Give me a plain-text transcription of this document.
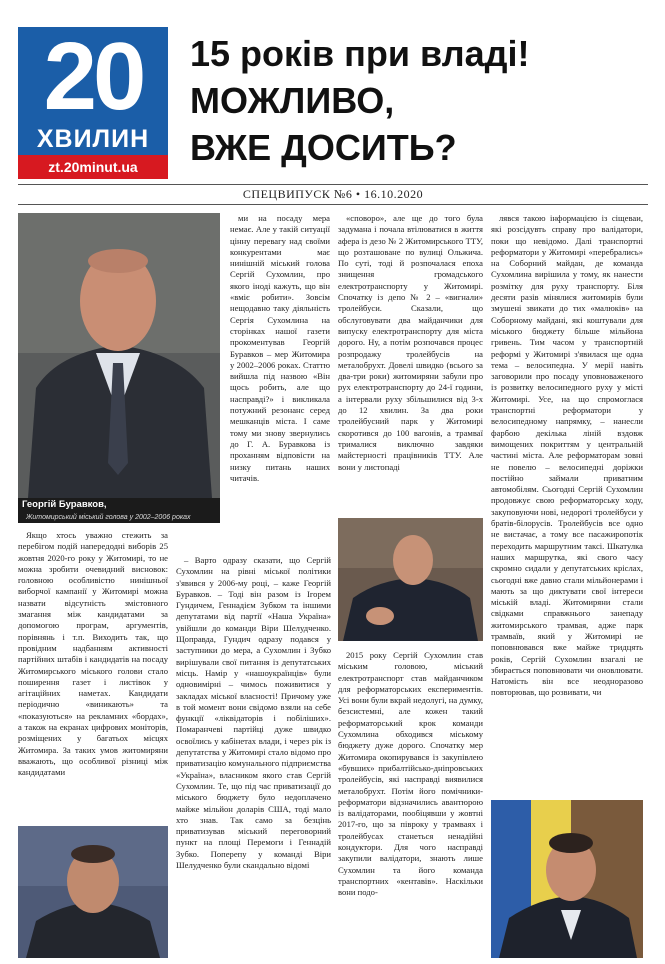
20
ХВИЛИН
zt.20minut.ua
15 років при владі!
МОЖЛИВО,
ВЖЕ ДОСИТЬ?
СПЕЦВИПУСК №6 • 16.10.2020
Георгій Буравков,
Житомирський міський голова у 2002–2006 роках

ми на посаду мера немає. Але у такій ситуації цінну перевагу над своїми конкурентами має нинішній міський голова Сергій Сухомлин, про якого іноді кажуть, що він «вміє робити». Зовсім нещодавно таку діяльність Сергія Сухомлина на сторінках нашої газети прокоментував Георгій Буравков – мер Житомира у 2002–2006 роках. Статтю вийшла під назвою «Він щось робить, але що насправді?» і викликала потужний резонанс серед мешканців міста. І саме тому ми знову звернулись до Г. А. Буравкова із проханням відповісти на низку питань наших читачів.

«споворо», але ще до того була задумана і почала втілюватися в життя афера із дезо № 2 Житомирського ТТУ, що розташоване по вулиці Ольжича. По суті, тоді й розпочалася епоха знищення громадського електротранспорту у Житомирі. Спочатку із депо № 2 – «вигнали» тролейбуси. Сказали, що обслуговувати два майданчики для випуску електротранспорту для міста дорого. Ну, а потім розпочався процес розпродажу тролейбусів на металобрухт. Довелі швидко (всього за два-три роки) житомиряни забули про рух електротранспорту до 24-ї години, а інтервали руху збільшилися від 3-х до 12 хвилин. За два роки тролейбусний парк у Житомирі скоротився до 100 вагонів, а трамваї трималися виключно завдяки майстерності працівників ТТУ. Але вони у листопаді

лявся такою інформацією із сіщеваи, які розсідувть справу про валідатори, поки що невідомо. Далі транспортні реформатори у Житомирі «перебрались» на Соборний майдан, де команда Сухомлина вирішила у тому, як нанести розмітку для руху транспорту. Біля десяти разів мінялися житомирів були змушені звикати до тих «малюків» на Соборному майдані, які коштували для міського бюджету більше мільйона гривень. Тим часом у транспортній реформі у Житомирі з'явилася ще одна тема – велосипедна. У мерії навіть заговорили про посаду уповноваженого із розвитку велосипедного руху у місті Житомирі. Усе, на що спромоглася транспортні реформатори у велосипедному напрямку, – нанесли фарбою декілька ліній вздовж вимощених покриттям у центральній частині міста. Але реформаторам зовні не повелю – велосипедні доріжки постійно займали приватним автомобілям. Сьогодні Сергій Сухомлин продовжує свою реформаторську ходу, закуповуючи нові, недорогі тролейбуси у братів-білорусів. Тролейбусів все одно не вистачає, а тому все пасажиропотік переходить маршрутним таксі. Шкатулка наших маршрутка, які свого часу скромно сидали у депутатських кріслах, сьогодні вже давно стали мільйонерами і мають за що диктувати свої інтереси міській владі. Житомиряни стали свідками справжнього занепаду житомирського трамвая, адже парк трамваїв, який у Житомирі не поповнювався вже майже тридцять років, Сергій Сухомлин взагалі не збирається поповнювати чи оновлювати. Натомість він все неодноразово повторював, що розвивати, чи

Якщо хтось уважно стежить за перебігом подій напередодні виборів 25 жовтня 2020-го року у Житомирі, то не можна зробити очевидний висновок: головною особливістю нинішньої виборчої кампанії у Житомирі можна назвати відсутність змістовного змагання між кандидатами за допомогою програм, аргументів, порівнянь і т.п. Виходить так, що провідним надбанням активності партійних штабів і кандидатів на посаду Житомирського міського голови стало поширення газет і листівок у агітаційних наметах. Кандидати періодично «виникають» та «показуються» на рекламних «бордах», а також на екранах цифрових моніторів, розміщених у багатьох місцях Житомира. За таких умов житомиряни вважають, що особливої різниці між кандидатами

– Варто одразу сказати, що Сергій Сухомлин на рівні міської політики з'явився у 2006-му році, – каже Георгій Буравков. – Тоді він разом із Ігорем Гундичем, Геннадієм Зубком та іншими депутатами від партії «Наша Україна» увійшли до команди Віри Шелудченко. Щоправда, Гундич одразу подався у заступники до мера, а Сухомлин і Зубко вирішували свої питання із депутатських місць. Намір у «нашоукраїнців» були одновимірні – чимось поживитися у закладах міської власності! Причому уже в той момент вони свідомо взяли на себе функції «ліквідаторів і побіліших». Помаранчеві партійці дуже швидко освоїлись у кабінетах влади, і через рік із депутатства у Житомирі стало відомо про приватизацію комунального підприємства «Україна», власником якого став Сергій Сухомлин. Те, що під час приватизації до міського бюджету було недоплачено майже мільйон доларів США, тоді мало хто знав. Так само за безцінь приватизував міський переговорний пункт на площі Перемоги і Геннадій Зубко. Поперепу у команді Віри Шелудченко були скандально відомі

2015 року Сергій Сухомлин став міським головою, міський електротранспорт став майданчиком для реформаторських експериментів. Усі вони були вкрай недолугі, на думку, безсистемні, але кожен такий реформаторський крок команди Сухомлина обходився міському бюджету дуже дорого. Спочатку мер Житомира окопирувався із закупівлею «бувших» прибалтійсько-дніпровських тролейбусів, які насправді виявилися металобрухт. Потім його помічники-реформатори відзначились авантюрою із валідаторами, пообіцявши у жовтні 2017-го, що за півроку у трамваях і тролейбусах станеться ненадійні кондуктори. Для чого насправді закупили валідатори, знають лише Сухомлин та його команда транспортних «кентавів». Наскільки вони подо-
